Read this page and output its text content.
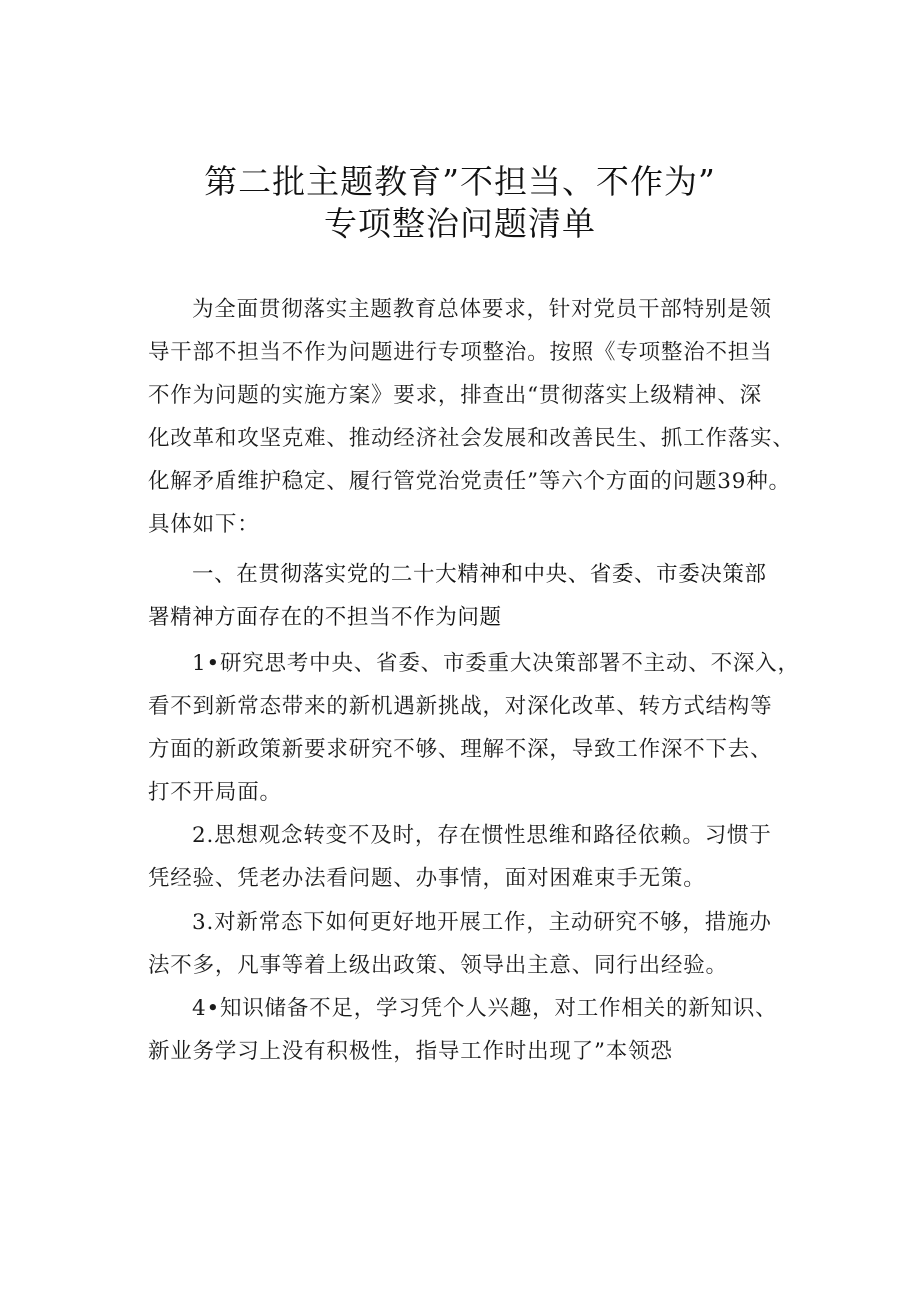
第二批主题教育”不担当、不作为”
专项整治问题清单
为全面贯彻落实主题教育总体要求，针对党员干部特别是领
导干部不担当不作为问题进行专项整治。按照《专项整治不担当
不作为问题的实施方案》要求，排查出“贯彻落实上级精神、深
化改革和攻坚克难、推动经济社会发展和改善民生、抓工作落实、
化解矛盾维护稳定、履行管党治党责任”等六个方面的问题39种。
具体如下：
一、在贯彻落实党的二十大精神和中央、省委、市委决策部
署精神方面存在的不担当不作为问题
1•研究思考中央、省委、市委重大决策部署不主动、不深入，
看不到新常态带来的新机遇新挑战，对深化改革、转方式结构等
方面的新政策新要求研究不够、理解不深，导致工作深不下去、
打不开局面。
2.思想观念转变不及时，存在惯性思维和路径依赖。习惯于
凭经验、凭老办法看问题、办事情，面对困难束手无策。
3.对新常态下如何更好地开展工作，主动研究不够，措施办
法不多，凡事等着上级出政策、领导出主意、同行出经验。
4•知识储备不足，学习凭个人兴趣，对工作相关的新知识、
新业务学习上没有积极性，指导工作时出现了”本领恐
